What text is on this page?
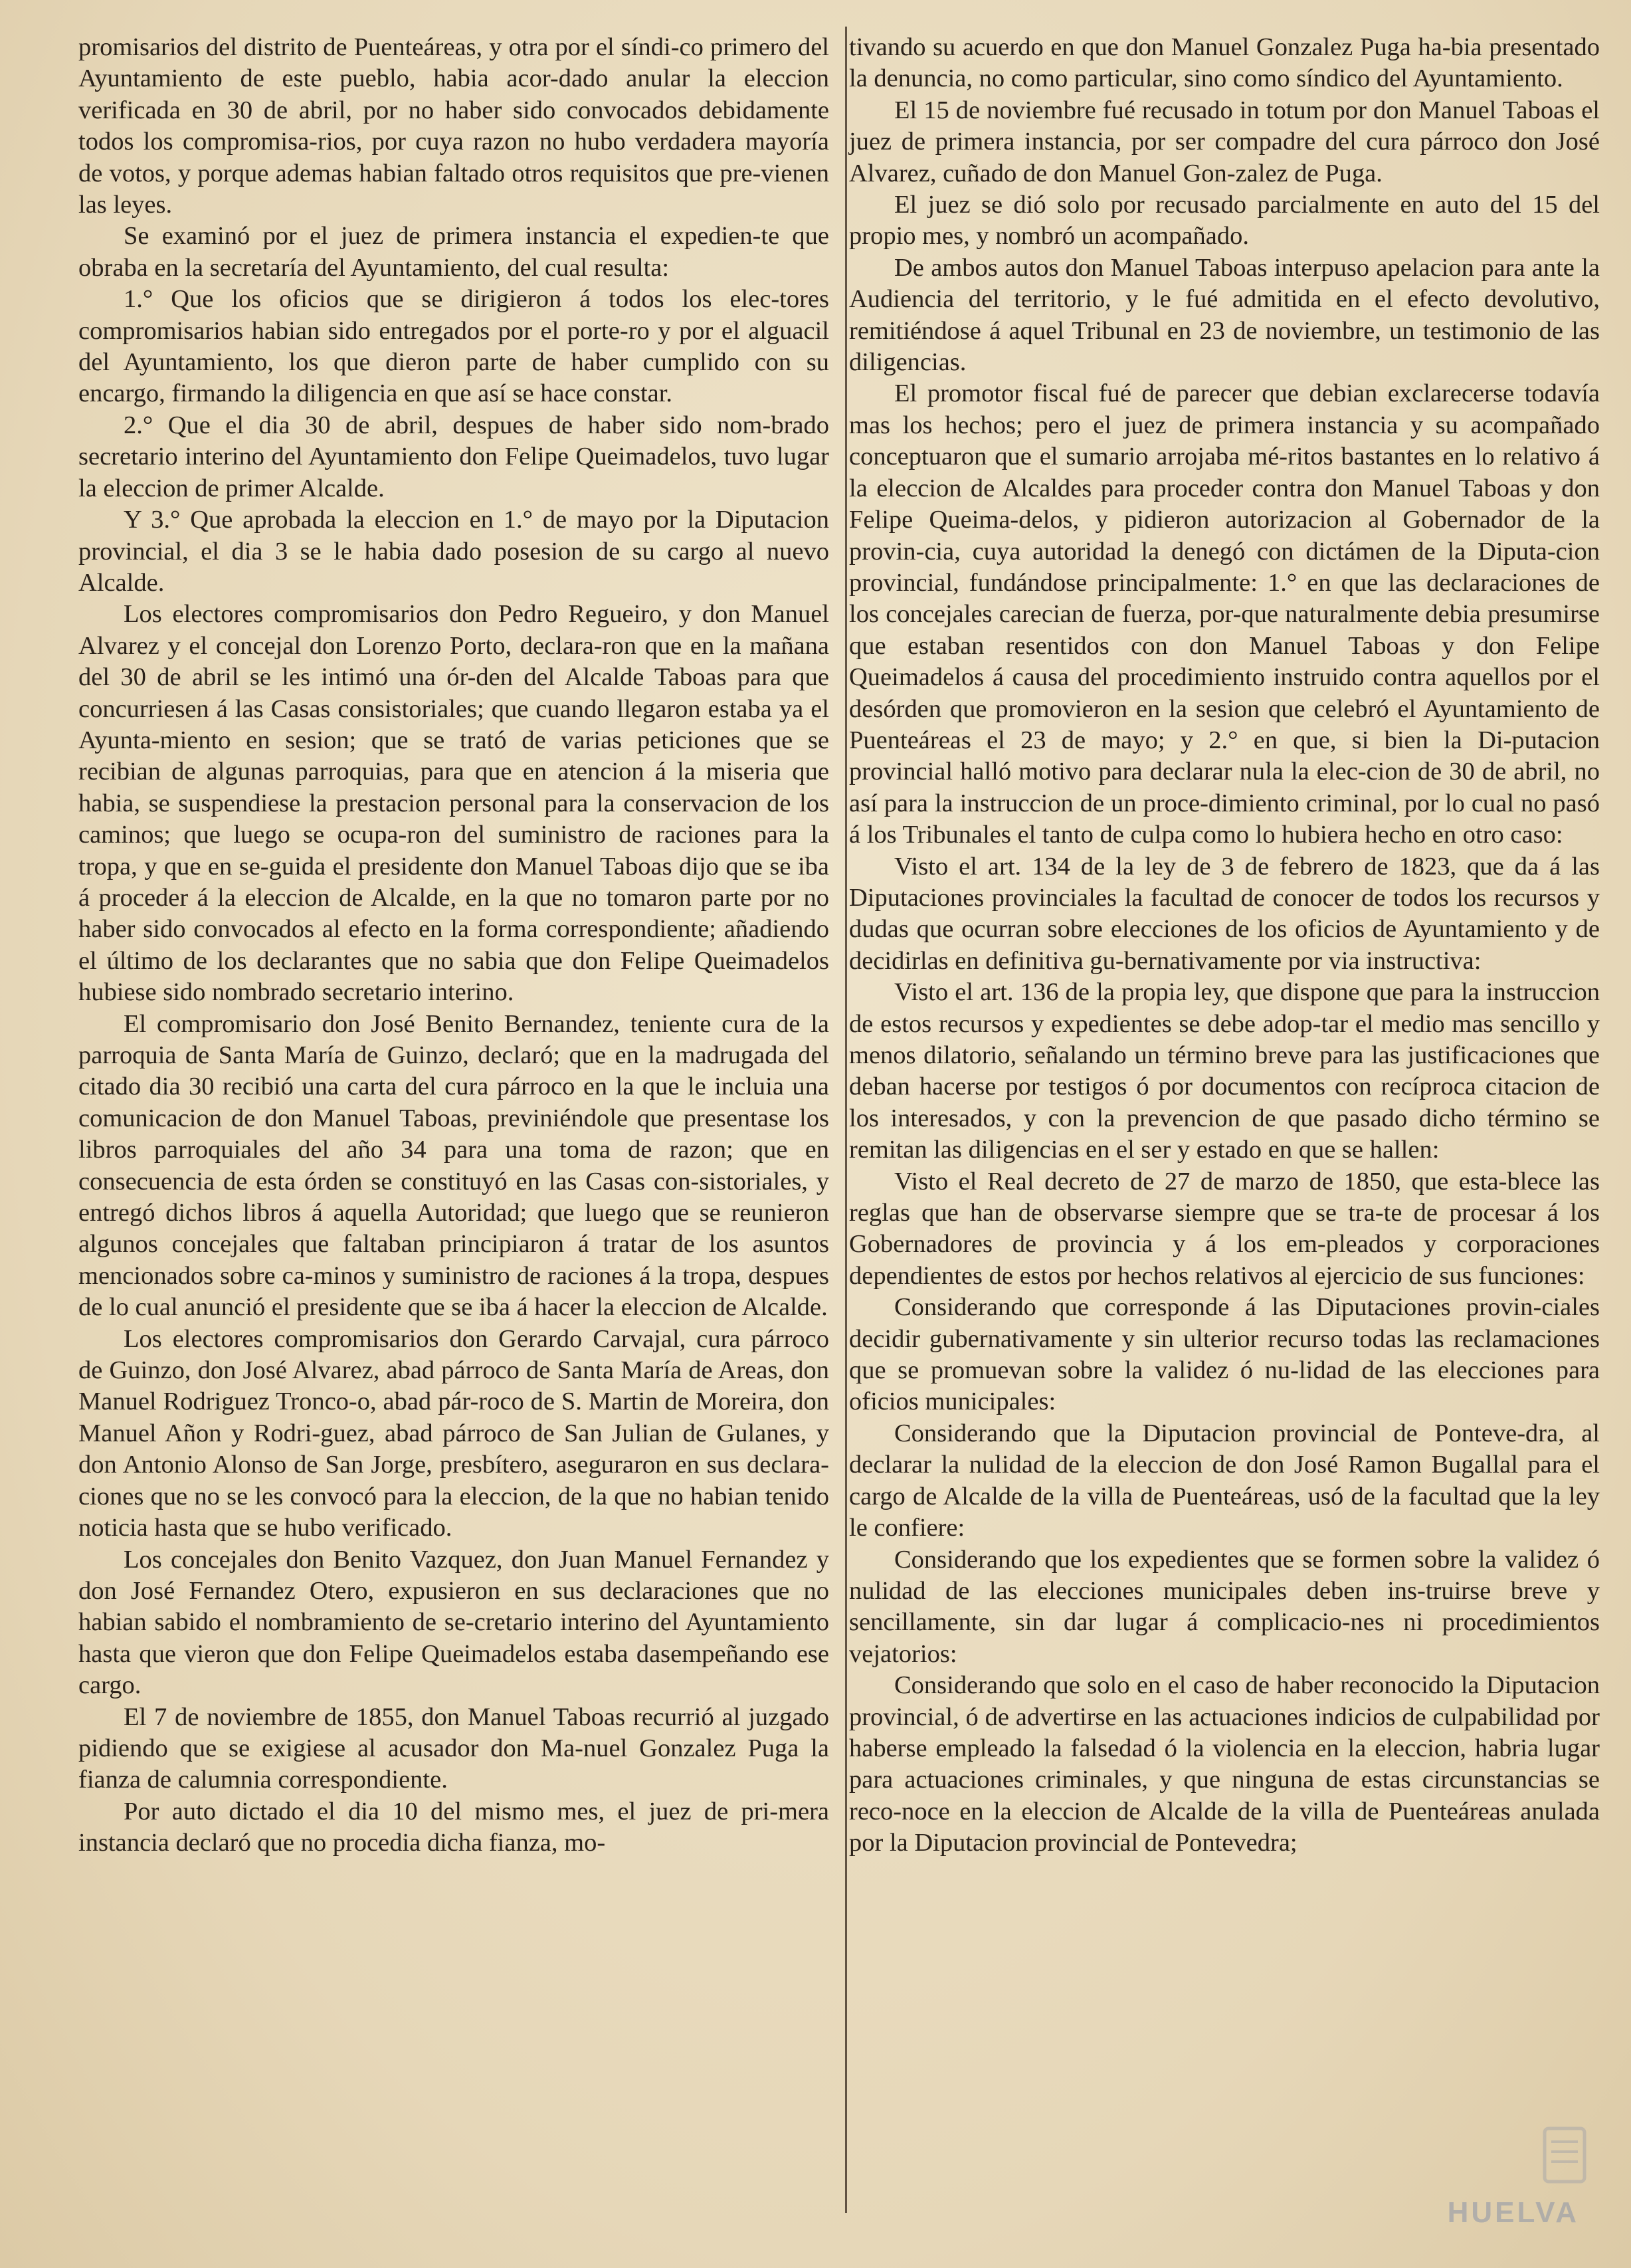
promisarios del distrito de Puenteáreas, y otra por el síndi-co primero del Ayuntamiento de este pueblo, habia acor-dado anular la eleccion verificada en 30 de abril, por no haber sido convocados debidamente todos los compromisa-rios, por cuya razon no hubo verdadera mayoría de votos, y porque ademas habian faltado otros requisitos que pre-vienen las leyes.

Se examinó por el juez de primera instancia el expedien-te que obraba en la secretaría del Ayuntamiento, del cual resulta:

1.° Que los oficios que se dirigieron á todos los elec-tores compromisarios habian sido entregados por el porte-ro y por el alguacil del Ayuntamiento, los que dieron parte de haber cumplido con su encargo, firmando la diligencia en que así se hace constar.

2.° Que el dia 30 de abril, despues de haber sido nom-brado secretario interino del Ayuntamiento don Felipe Queimadelos, tuvo lugar la eleccion de primer Alcalde.

Y 3.° Que aprobada la eleccion en 1.° de mayo por la Diputacion provincial, el dia 3 se le habia dado posesion de su cargo al nuevo Alcalde.

Los electores compromisarios don Pedro Regueiro, y don Manuel Alvarez y el concejal don Lorenzo Porto, declara-ron que en la mañana del 30 de abril se les intimó una ór-den del Alcalde Taboas para que concurriesen á las Casas consistoriales; que cuando llegaron estaba ya el Ayunta-miento en sesion; que se trató de varias peticiones que se recibian de algunas parroquias, para que en atencion á la miseria que habia, se suspendiese la prestacion personal para la conservacion de los caminos; que luego se ocupa-ron del suministro de raciones para la tropa, y que en se-guida el presidente don Manuel Taboas dijo que se iba á proceder á la eleccion de Alcalde, en la que no tomaron parte por no haber sido convocados al efecto en la forma correspondiente; añadiendo el último de los declarantes que no sabia que don Felipe Queimadelos hubiese sido nombrado secretario interino.

El compromisario don José Benito Bernandez, teniente cura de la parroquia de Santa María de Guinzo, declaró; que en la madrugada del citado dia 30 recibió una carta del cura párroco en la que le incluia una comunicacion de don Manuel Taboas, previniéndole que presentase los libros parroquiales del año 34 para una toma de razon; que en consecuencia de esta órden se constituyó en las Casas con-sistoriales, y entregó dichos libros á aquella Autoridad; que luego que se reunieron algunos concejales que faltaban principiaron á tratar de los asuntos mencionados sobre ca-minos y suministro de raciones á la tropa, despues de lo cual anunció el presidente que se iba á hacer la eleccion de Alcalde.

Los electores compromisarios don Gerardo Carvajal, cura párroco de Guinzo, don José Alvarez, abad párroco de Santa María de Areas, don Manuel Rodriguez Tronco-o, abad pár-roco de S. Martin de Moreira, don Manuel Añon y Rodri-guez, abad párroco de San Julian de Gulanes, y don Antonio Alonso de San Jorge, presbítero, aseguraron en sus declara-ciones que no se les convocó para la eleccion, de la que no habian tenido noticia hasta que se hubo verificado.

Los concejales don Benito Vazquez, don Juan Manuel Fernandez y don José Fernandez Otero, expusieron en sus declaraciones que no habian sabido el nombramiento de se-cretario interino del Ayuntamiento hasta que vieron que don Felipe Queimadelos estaba dasempeñando ese cargo.

El 7 de noviembre de 1855, don Manuel Taboas recurrió al juzgado pidiendo que se exigiese al acusador don Ma-nuel Gonzalez Puga la fianza de calumnia correspondiente.

Por auto dictado el dia 10 del mismo mes, el juez de pri-mera instancia declaró que no procedia dicha fianza, mo-

tivando su acuerdo en que don Manuel Gonzalez Puga ha-bia presentado la denuncia, no como particular, sino como síndico del Ayuntamiento.

El 15 de noviembre fué recusado in totum por don Manuel Taboas el juez de primera instancia, por ser compadre del cura párroco don José Alvarez, cuñado de don Manuel Gon-zalez de Puga.

El juez se dió solo por recusado parcialmente en auto del 15 del propio mes, y nombró un acompañado.

De ambos autos don Manuel Taboas interpuso apelacion para ante la Audiencia del territorio, y le fué admitida en el efecto devolutivo, remitiéndose á aquel Tribunal en 23 de noviembre, un testimonio de las diligencias.

El promotor fiscal fué de parecer que debian exclarecerse todavía mas los hechos; pero el juez de primera instancia y su acompañado conceptuaron que el sumario arrojaba mé-ritos bastantes en lo relativo á la eleccion de Alcaldes para proceder contra don Manuel Taboas y don Felipe Queima-delos, y pidieron autorizacion al Gobernador de la provin-cia, cuya autoridad la denegó con dictámen de la Diputa-cion provincial, fundándose principalmente: 1.° en que las declaraciones de los concejales carecian de fuerza, por-que naturalmente debia presumirse que estaban resentidos con don Manuel Taboas y don Felipe Queimadelos á causa del procedimiento instruido contra aquellos por el desórden que promovieron en la sesion que celebró el Ayuntamiento de Puenteáreas el 23 de mayo; y 2.° en que, si bien la Di-putacion provincial halló motivo para declarar nula la elec-cion de 30 de abril, no así para la instruccion de un proce-dimiento criminal, por lo cual no pasó á los Tribunales el tanto de culpa como lo hubiera hecho en otro caso:

Visto el art. 134 de la ley de 3 de febrero de 1823, que da á las Diputaciones provinciales la facultad de conocer de todos los recursos y dudas que ocurran sobre elecciones de los oficios de Ayuntamiento y de decidirlas en definitiva gu-bernativamente por via instructiva:

Visto el art. 136 de la propia ley, que dispone que para la instruccion de estos recursos y expedientes se debe adop-tar el medio mas sencillo y menos dilatorio, señalando un término breve para las justificaciones que deban hacerse por testigos ó por documentos con recíproca citacion de los interesados, y con la prevencion de que pasado dicho término se remitan las diligencias en el ser y estado en que se hallen:

Visto el Real decreto de 27 de marzo de 1850, que esta-blece las reglas que han de observarse siempre que se tra-te de procesar á los Gobernadores de provincia y á los em-pleados y corporaciones dependientes de estos por hechos relativos al ejercicio de sus funciones:

Considerando que corresponde á las Diputaciones provin-ciales decidir gubernativamente y sin ulterior recurso todas las reclamaciones que se promuevan sobre la validez ó nu-lidad de las elecciones para oficios municipales:

Considerando que la Diputacion provincial de Ponteve-dra, al declarar la nulidad de la eleccion de don José Ramon Bugallal para el cargo de Alcalde de la villa de Puenteáreas, usó de la facultad que la ley le confiere:

Considerando que los expedientes que se formen sobre la validez ó nulidad de las elecciones municipales deben ins-truirse breve y sencillamente, sin dar lugar á complicacio-nes ni procedimientos vejatorios:

Considerando que solo en el caso de haber reconocido la Diputacion provincial, ó de advertirse en las actuaciones indicios de culpabilidad por haberse empleado la falsedad ó la violencia en la eleccion, habria lugar para actuaciones criminales, y que ninguna de estas circunstancias se reco-noce en la eleccion de Alcalde de la villa de Puenteáreas anulada por la Diputacion provincial de Pontevedra;

HUELVA
